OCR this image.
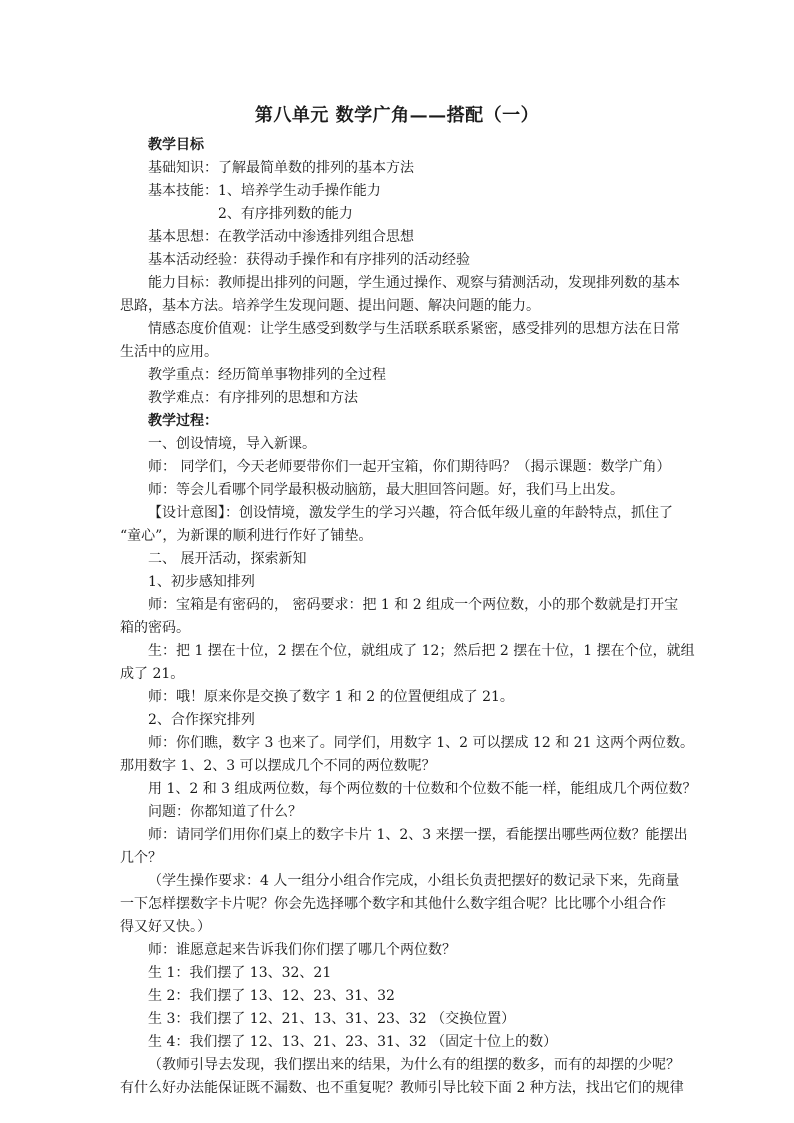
第八单元 数学广角——搭配（一）
教学目标
基础知识：了解最简单数的排列的基本方法
基本技能：1、培养学生动手操作能力
2、有序排列数的能力
基本思想：在教学活动中渗透排列组合思想
基本活动经验：获得动手操作和有序排列的活动经验
能力目标：教师提出排列的问题，学生通过操作、观察与猜测活动，发现排列数的基本
思路，基本方法。培养学生发现问题、提出问题、解决问题的能力。
情感态度价值观：让学生感受到数学与生活联系联系紧密，感受排列的思想方法在日常
生活中的应用。
教学重点：经历简单事物排列的全过程
教学难点：有序排列的思想和方法
教学过程：
一、创设情境，导入新课。
师： 同学们，今天老师要带你们一起开宝箱，你们期待吗？（揭示课题：数学广角）
师：等会儿看哪个同学最积极动脑筋，最大胆回答问题。好，我们马上出发。
【设计意图】：创设情境，激发学生的学习兴趣，符合低年级儿童的年龄特点，抓住了
“童心”，为新课的顺利进行作好了铺垫。
二、 展开活动，探索新知
1、初步感知排列
师：宝箱是有密码的， 密码要求：把 1 和 2 组成一个两位数，小的那个数就是打开宝
箱的密码。
生：把 1 摆在十位，2 摆在个位，就组成了 12；然后把 2 摆在十位，1 摆在个位，就组
成了 21。
师：哦！原来你是交换了数字 1 和 2 的位置便组成了 21。
2、合作探究排列
师：你们瞧，数字 3 也来了。同学们，用数字 1、2 可以摆成 12 和 21 这两个两位数。
那用数字 1、2、3 可以摆成几个不同的两位数呢？
用 1、2 和 3 组成两位数，每个两位数的十位数和个位数不能一样，能组成几个两位数？
问题：你都知道了什么？
师：请同学们用你们桌上的数字卡片 1、2、3 来摆一摆，看能摆出哪些两位数？能摆出
几个？
（学生操作要求：4 人一组分小组合作完成，小组长负责把摆好的数记录下来，先商量
一下怎样摆数字卡片呢？你会先选择哪个数字和其他什么数字组合呢？比比哪个小组合作
得又好又快。）
师：谁愿意起来告诉我们你们摆了哪几个两位数？
生 1：我们摆了 13、32、21
生 2：我们摆了 13、12、23、31、32
生 3：我们摆了 12、21、13、31、23、32 （交换位置）
生 4：我们摆了 12、13、21、23、31、32 （固定十位上的数）
（教师引导去发现，我们摆出来的结果，为什么有的组摆的数多，而有的却摆的少呢？
有什么好办法能保证既不漏数、也不重复呢？教师引导比较下面 2 种方法，找出它们的规律
